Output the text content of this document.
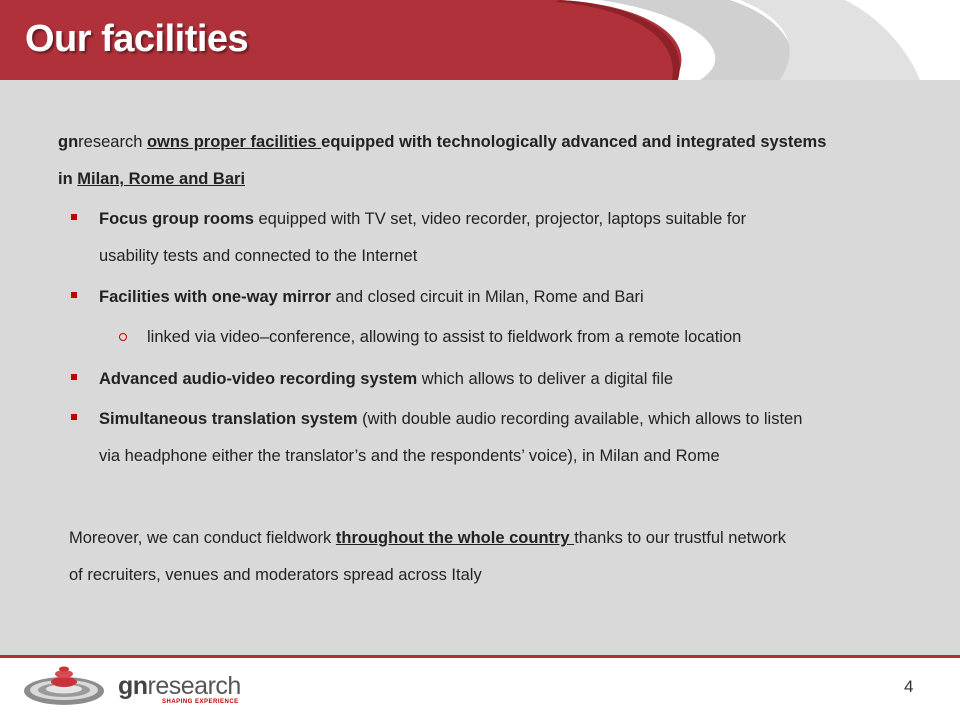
Our facilities
gnresearch owns proper facilities equipped with technologically advanced and integrated systems
in Milan, Rome and Bari
Focus group rooms equipped with TV set, video recorder, projector, laptops suitable for
usability tests and connected to the Internet
Facilities with one-way mirror and closed circuit in Milan, Rome and Bari
linked via video–conference, allowing to assist to fieldwork from a remote location
Advanced audio-video recording system which allows to deliver a digital file
Simultaneous translation system (with double audio recording available, which allows to listen
via headphone either the translator’s and the respondents’ voice), in Milan and Rome
Moreover, we can conduct fieldwork throughout the whole country thanks to our trustful network
of recruiters, venues and moderators spread across Italy
gnresearch
SHAPING EXPERIENCE
4
